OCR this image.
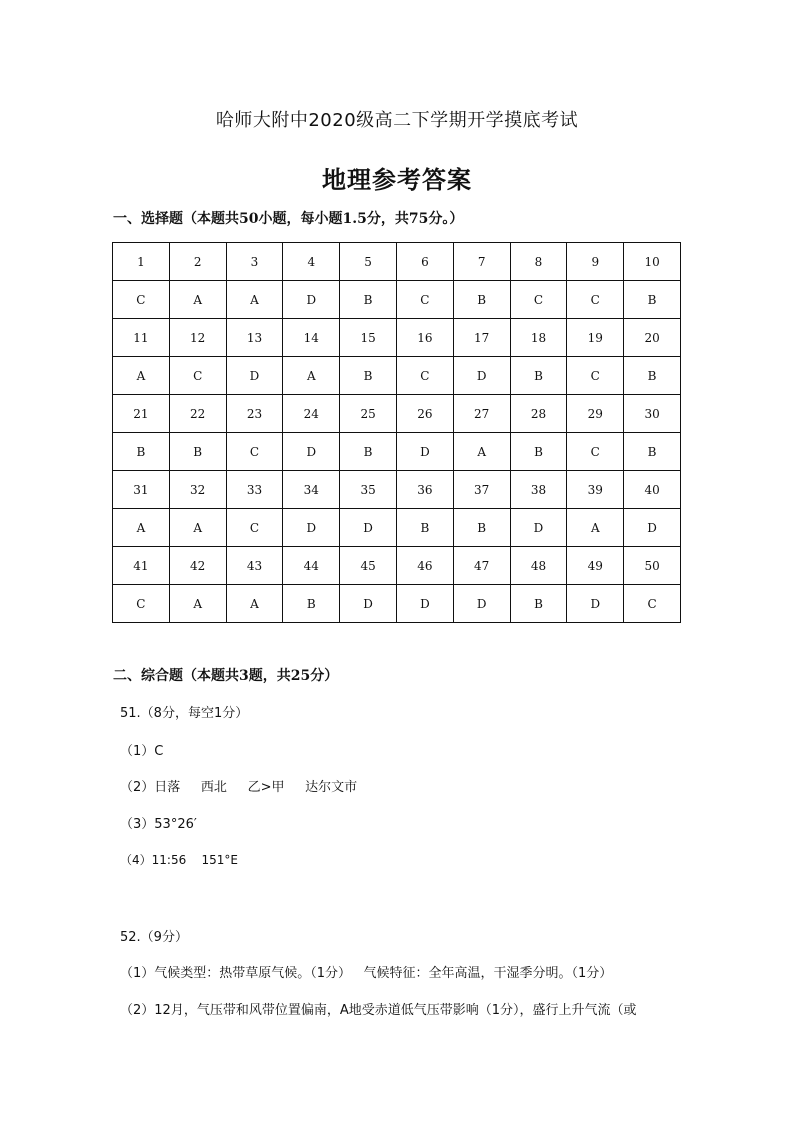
哈师大附中2020级高二下学期开学摸底考试
地理参考答案
一、选择题（本题共50小题，每小题1.5分，共75分。）
1	2	3	4	5	6	7	8	9	10
C	A	A	D	B	C	B	C	C	B
11	12	13	14	15	16	17	18	19	20
A	C	D	A	B	C	D	B	C	B
21	22	23	24	25	26	27	28	29	30
B	B	C	D	B	D	A	B	C	B
31	32	33	34	35	36	37	38	39	40
A	A	C	D	D	B	B	D	A	D
41	42	43	44	45	46	47	48	49	50
C	A	A	B	D	D	D	B	D	C
二、综合题（本题共3题，共25分）
51.（8分，每空1分）
（1）C
（2）日落     西北     乙>甲     达尔文市
（3）53°26′
（4）11:56    151°E
52.（9分）
（1）气候类型：热带草原气候。（1分）   气候特征：全年高温，干湿季分明。（1分）
（2）12月，气压带和风带位置偏南，A地受赤道低气压带影响（1分），盛行上升气流（或
